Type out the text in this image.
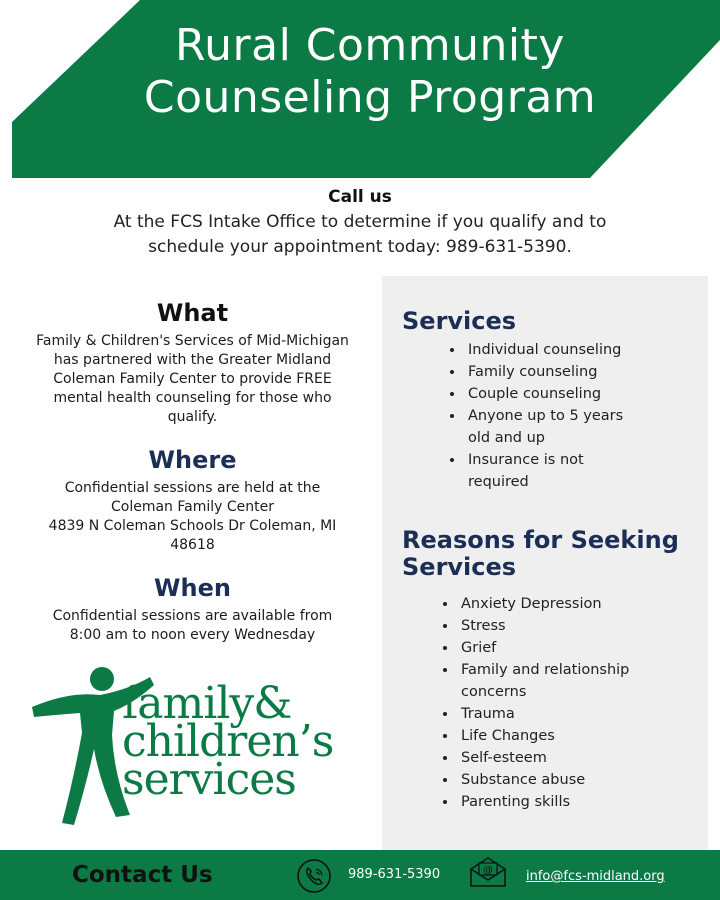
Rural Community
Counseling Program
Call us
At the FCS Intake Office to determine if you qualify and to
schedule your appointment today: 989-631-5390.
What
Family & Children's Services of Mid-Michigan
has partnered with the Greater Midland
Coleman Family Center to provide FREE
mental health counseling for those who
qualify.
Where
Confidential sessions are held at the
Coleman Family Center
4839 N Coleman Schools Dr Coleman, MI
48618
When
Confidential sessions are available from
8:00 am to noon every Wednesday
family&
children’s
services
Services
Individual counseling
Family counseling
Couple counseling
Anyone up to 5 years
old and up
Insurance is not
required
Reasons for Seeking
Services
Anxiety Depression
Stress
Grief
Family and relationship
concerns
Trauma
Life Changes
Self-esteem
Substance abuse
Parenting skills
Contact Us	989-631-5390	@	info@fcs-midland.org
